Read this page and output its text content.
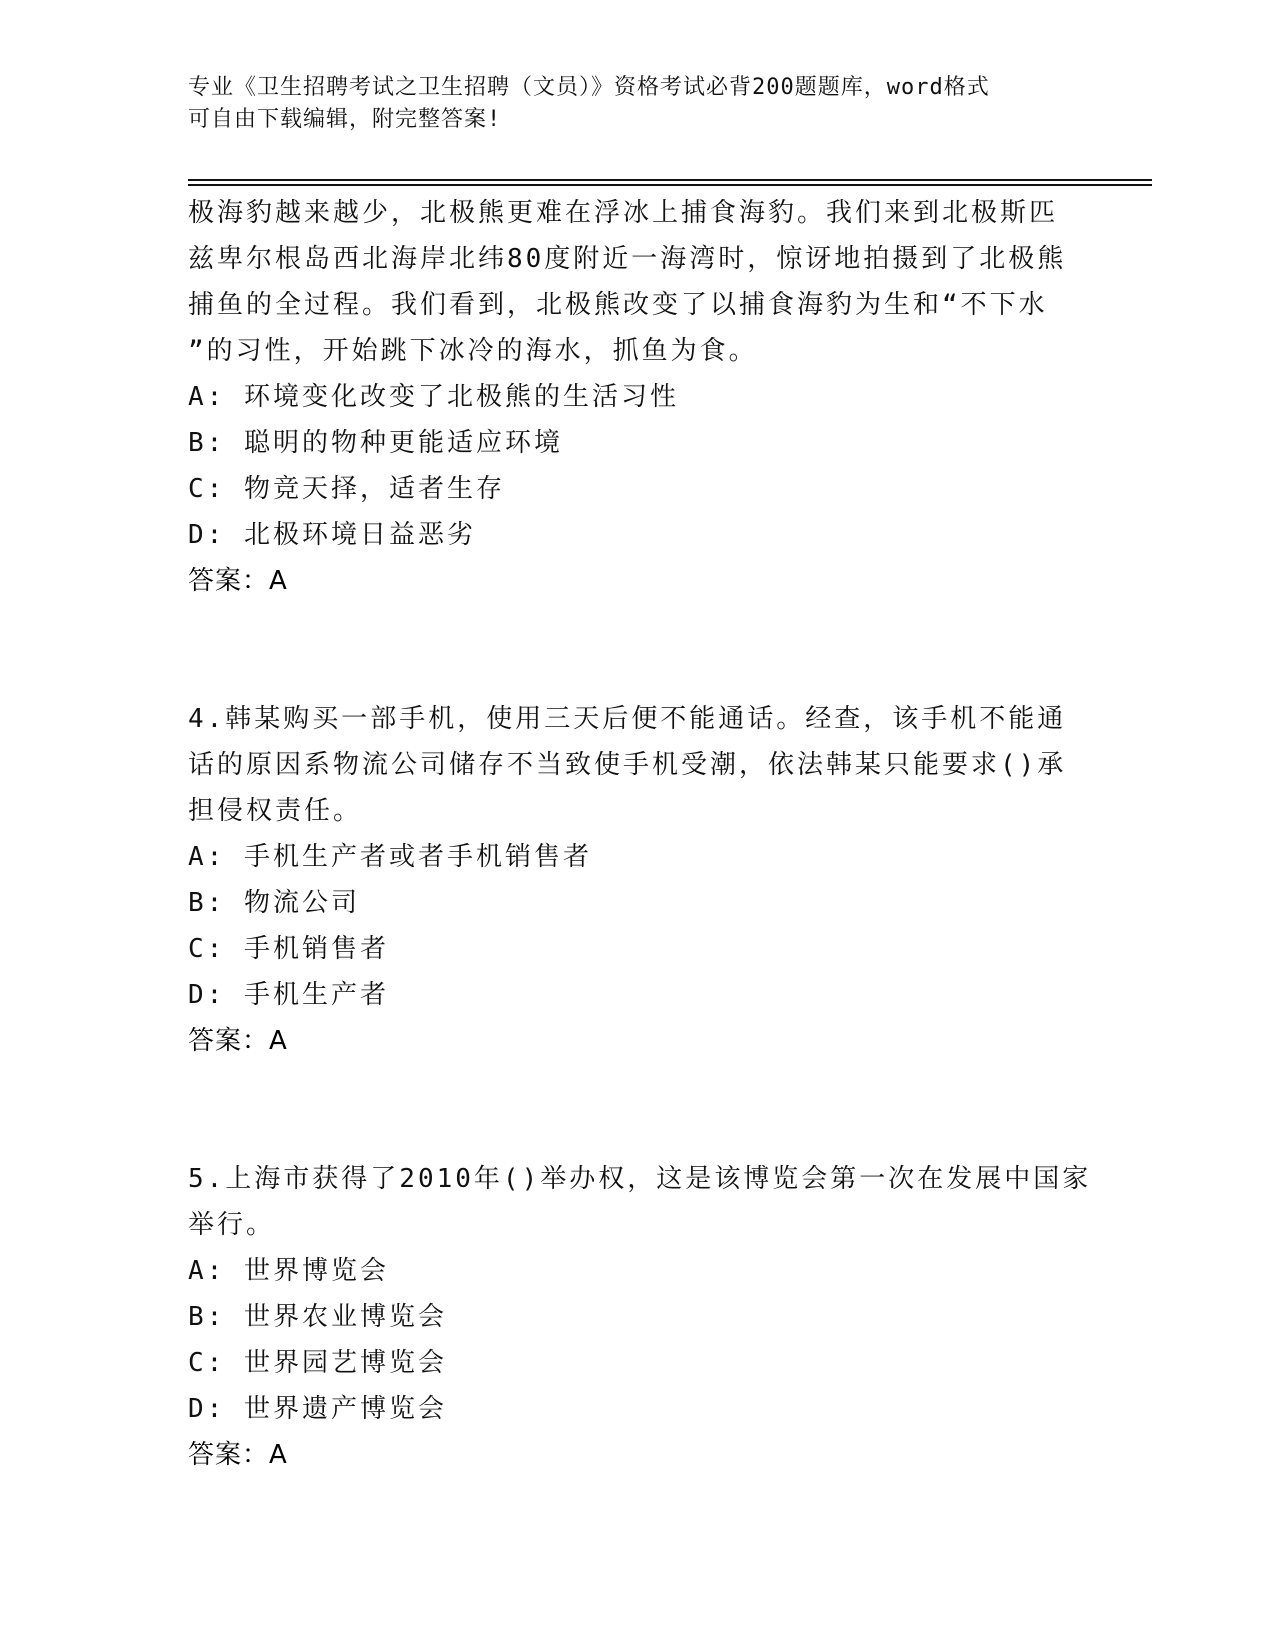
专业《卫生招聘考试之卫生招聘（文员）》资格考试必背200题题库，word格式
可自由下载编辑，附完整答案!
极海豹越来越少，北极熊更难在浮冰上捕食海豹。我们来到北极斯匹
兹卑尔根岛西北海岸北纬80度附近一海湾时，惊讶地拍摄到了北极熊
捕鱼的全过程。我们看到，北极熊改变了以捕食海豹为生和“不下水
”的习性，开始跳下冰冷的海水，抓鱼为食。
A: 环境变化改变了北极熊的生活习性
B: 聪明的物种更能适应环境
C: 物竞天择，适者生存
D: 北极环境日益恶劣
答案：A
4.韩某购买一部手机，使用三天后便不能通话。经查，该手机不能通
话的原因系物流公司储存不当致使手机受潮，依法韩某只能要求()承
担侵权责任。
A: 手机生产者或者手机销售者
B: 物流公司
C: 手机销售者
D: 手机生产者
答案：A
5.上海市获得了2010年()举办权，这是该博览会第一次在发展中国家
举行。
A: 世界博览会
B: 世界农业博览会
C: 世界园艺博览会
D: 世界遗产博览会
答案：A
